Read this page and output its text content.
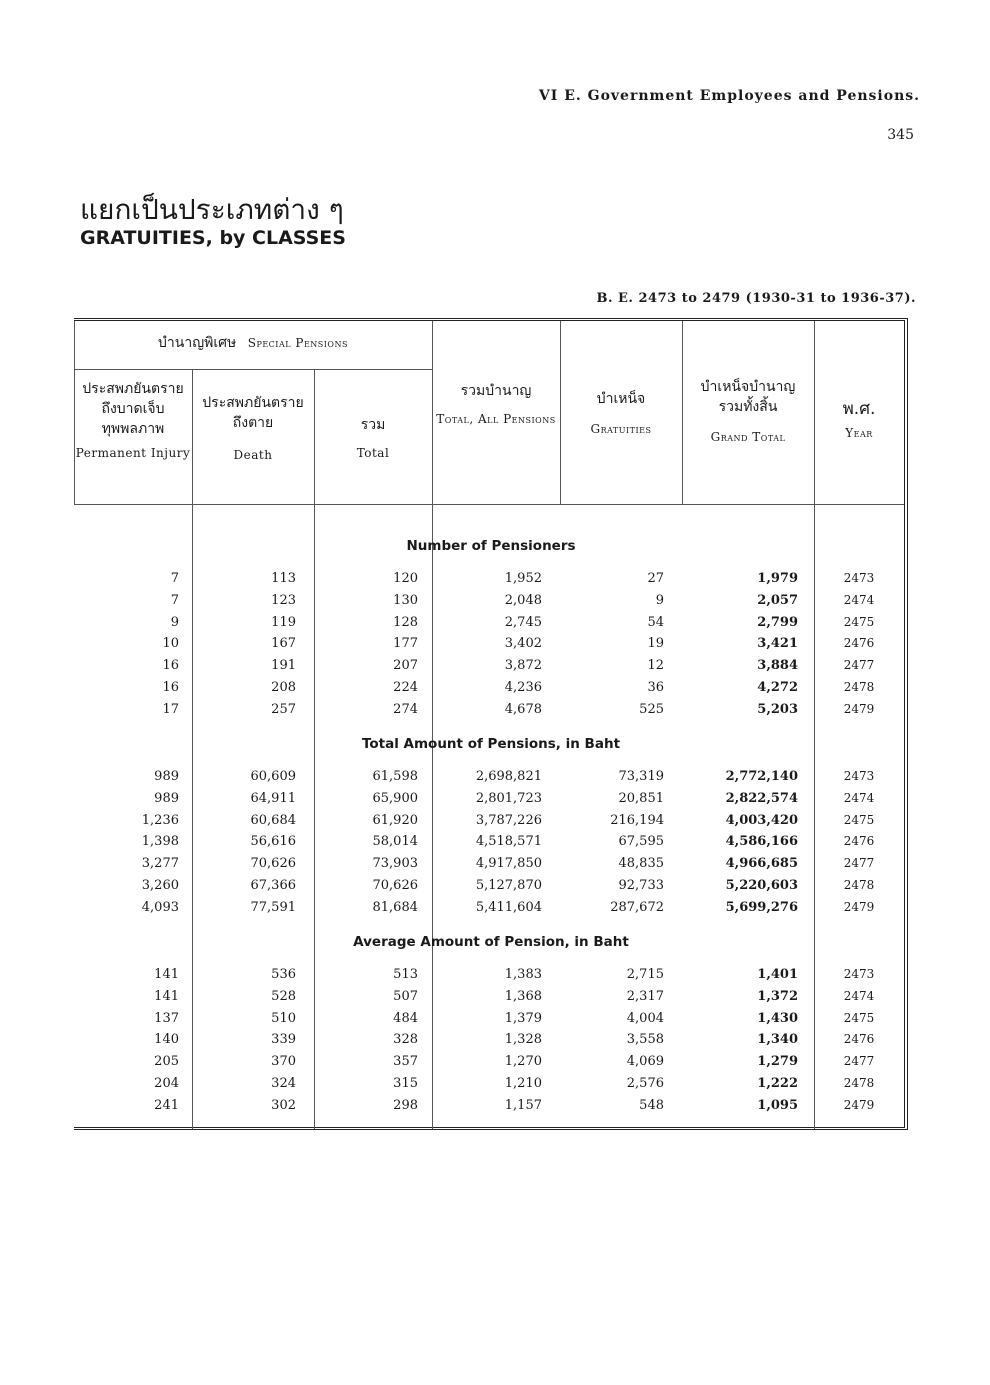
VI E. Government Employees and Pensions.
345
แยกเป็นประเภทต่าง ๆ
GRATUITIES, by CLASSES
B. E. 2473 to 2479 (1930-31 to 1936-37).
บำนาญพิเศษ Special Pensions
ประสพภยันตราย
ถึงบาดเจ็บ
ทุพพลภาพ
Permanent Injury
ประสพภยันตราย
ถึงตาย
Death
รวม
Total
รวมบำนาญ
Total, All Pensions
บำเหน็จ
Gratuities
บำเหน็จบำนาญ
รวมทั้งสิ้น
Grand Total
พ.ศ.
Year
Number of Pensioners
7	113	120	1,952	27	1,979	2473
7	123	130	2,048	9	2,057	2474
9	119	128	2,745	54	2,799	2475
10	167	177	3,402	19	3,421	2476
16	191	207	3,872	12	3,884	2477
16	208	224	4,236	36	4,272	2478
17	257	274	4,678	525	5,203	2479
Total Amount of Pensions, in Baht
989	60,609	61,598	2,698,821	73,319	2,772,140	2473
989	64,911	65,900	2,801,723	20,851	2,822,574	2474
1,236	60,684	61,920	3,787,226	216,194	4,003,420	2475
1,398	56,616	58,014	4,518,571	67,595	4,586,166	2476
3,277	70,626	73,903	4,917,850	48,835	4,966,685	2477
3,260	67,366	70,626	5,127,870	92,733	5,220,603	2478
4,093	77,591	81,684	5,411,604	287,672	5,699,276	2479
Average Amount of Pension, in Baht
141	536	513	1,383	2,715	1,401	2473
141	528	507	1,368	2,317	1,372	2474
137	510	484	1,379	4,004	1,430	2475
140	339	328	1,328	3,558	1,340	2476
205	370	357	1,270	4,069	1,279	2477
204	324	315	1,210	2,576	1,222	2478
241	302	298	1,157	548	1,095	2479
